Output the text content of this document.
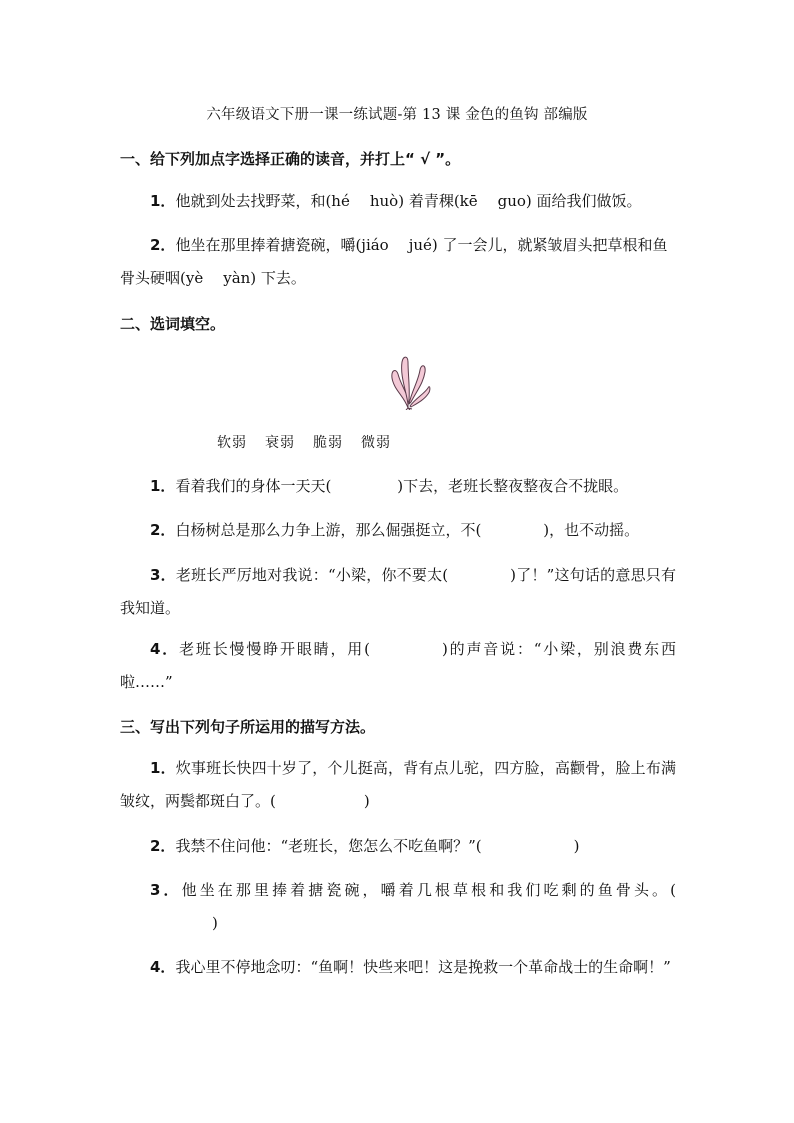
六年级语文下册一课一练试题-第 13 课 金色的鱼钩 部编版
一、给下列加点字选择正确的读音，并打上“ √ ”。
1．他就到处去找野菜，和(hé huò) 着青稞(kē guo) 面给我们做饭。
2．他坐在那里捧着搪瓷碗，嚼(jiáo jué) 了一会儿，就紧皱眉头把草根和鱼骨头硬咽(yè yàn) 下去。
二、选词填空。
软弱 衰弱 脆弱 微弱
1．看着我们的身体一天天(	)下去，老班长整夜整夜合不拢眼。
2．白杨树总是那么力争上游，那么倔强挺立，不(	)，也不动摇。
3．老班长严厉地对我说：“小梁，你不要太(	)了！”这句话的意思只有我知道。
4．老班长慢慢睁开眼睛，用(	)的声音说：“小梁，别浪费东西啦……”
三、写出下列句子所运用的描写方法。
1．炊事班长快四十岁了，个儿挺高，背有点儿驼，四方脸，高颧骨，脸上布满皱纹，两鬓都斑白了。(	)
2．我禁不住问他：“老班长，您怎么不吃鱼啊？”(	)
3．他坐在那里捧着搪瓷碗，嚼着几根草根和我们吃剩的鱼骨头。()
4．我心里不停地念叨：“鱼啊！快些来吧！这是挽救一个革命战士的生命啊！”
